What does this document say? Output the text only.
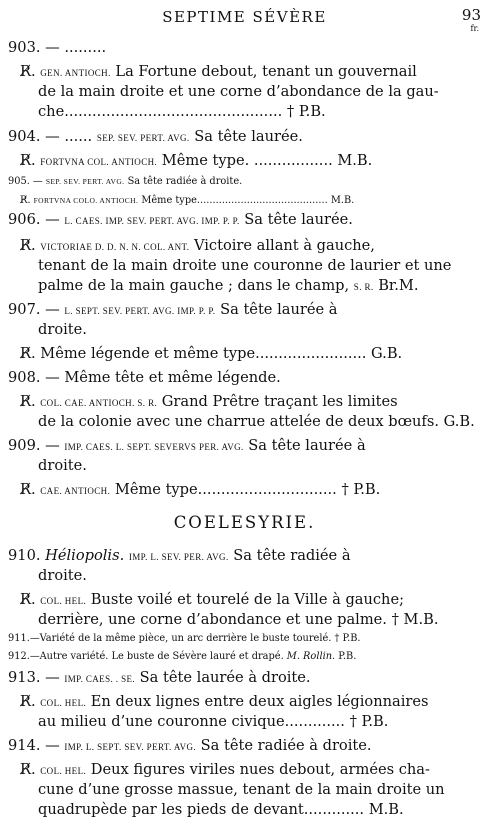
SEPTIME SÉVÈRE	93
fr.
COELESYRIE.
903. — .........
R̸. GEN. ANTIOCH. La Fortune debout, tenant un gouvernail
de la main droite et une corne d’abondance de la gau-
che............................................... † P.B.
904. — ...... SEP. SEV. PERT. AVG. Sa tête laurée.
R̸. FORTVNA COL. ANTIOCH. Même type. ................. M.B.
905. — SEP. SEV. PERT. AVG. Sa tête radiée à droite.
R̸. FORTVNA COLO. ANTIOCH. Même type.......................................... M.B.
906. — L. CAES. IMP. SEV. PERT. AVG. IMP. P. P. Sa tête laurée.
R̸. VICTORIAE D. D. N. N. COL. ANT. Victoire allant à gauche,
tenant de la main droite une couronne de laurier et une
palme de la main gauche ; dans le champ, S. R. Br.M.
907. — L. SEPT. SEV. PERT. AVG. IMP. P. P. Sa tête laurée à
droite.
R̸. Même légende et même type........................ G.B.
908. — Même tête et même légende.
R̸. COL. CAE. ANTIOCH. S. R. Grand Prêtre traçant les limites
de la colonie avec une charrue attelée de deux bœufs. G.B.
909. — IMP. CAES. L. SEPT. SEVERVS PER. AVG. Sa tête laurée à
droite.
R̸. CAE. ANTIOCH. Même type.............................. † P.B.
910. Héliopolis. IMP. L. SEV. PER. AVG. Sa tête radiée à
droite.
R̸. COL. HEL. Buste voilé et tourelé de la Ville à gauche;
derrière, une corne d’abondance et une palme. † M.B.
911.—Variété de la même pièce, un arc derrière le buste tourelé. † P.B.
912.—Autre variété. Le buste de Sévère lauré et drapé. M. Rollin. P.B.
913. — IMP. CAES. . SE. Sa tête laurée à droite.
R̸. COL. HEL. En deux lignes entre deux aigles légionnaires
au milieu d’une couronne civique............. † P.B.
914. — IMP. L. SEPT. SEV. PERT. AVG. Sa tête radiée à droite.
R̸. COL. HEL. Deux figures viriles nues debout, armées cha-
cune d’une grosse massue, tenant de la main droite un
quadrupède par les pieds de devant............. M.B.
